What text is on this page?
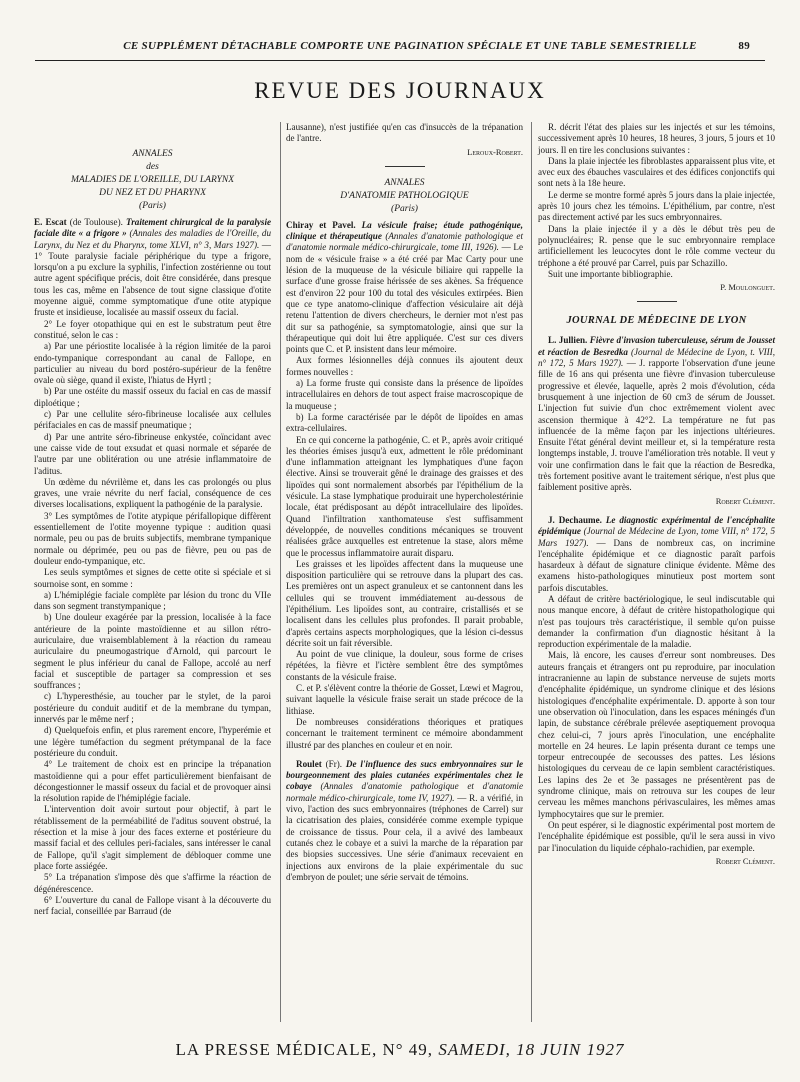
CE SUPPLÉMENT DÉTACHABLE COMPORTE UNE PAGINATION SPÉCIALE ET UNE TABLE SEMESTRIELLE	89
REVUE DES JOURNAUX
ANNALES
des
MALADIES DE L'OREILLE, DU LARYNX
DU NEZ ET DU PHARYNX
(Paris)

E. Escat (de Toulouse). Traitement chirurgical de la paralysie faciale dite « a frigore » (Annales des maladies de l'Oreille, du Larynx, du Nez et du Pharynx, tome XLVI, n° 3, Mars 1927). — 1° Toute paralysie faciale périphérique du type a frigore, lorsqu'on a pu exclure la syphilis, l'infection zostérienne ou tout autre agent spécifique précis, doit être considérée, dans presque tous les cas, même en l'absence de tout signe classique d'otite moyenne aiguë, comme symptomatique d'une otite atypique fruste et insidieuse, localisée au massif osseux du facial.

2° Le foyer otopathique qui en est le substratum peut être constitué, selon le cas :

a) Par une périostite localisée à la région limitée de la paroi endo-tympanique correspondant au canal de Fallope, en particulier au niveau du bord postéro-supérieur de la fenêtre ovale où siège, quand il existe, l'hiatus de Hyrtl ;

b) Par une ostéite du massif osseux du facial en cas de massif diploétique ;

c) Par une cellulite séro-fibrineuse localisée aux cellules périfaciales en cas de massif pneumatique ;

d) Par une antrite séro-fibrineuse enkystée, coïncidant avec une caisse vide de tout exsudat et quasi normale et séparée de l'autre par une oblitération ou une atrésie inflammatoire de l'aditus.

Un œdème du névrilème et, dans les cas prolongés ou plus graves, une vraie névrite du nerf facial, conséquence de ces diverses localisations, expliquent la pathogénie de la paralysie.

3° Les symptômes de l'otite atypique périfallopique diffèrent essentiellement de l'otite moyenne typique : audition quasi normale, peu ou pas de bruits subjectifs, membrane tympanique normale ou déprimée, peu ou pas de fièvre, peu ou pas de douleur endo-tympanique, etc.

Les seuls symptômes et signes de cette otite si spéciale et si sournoise sont, en somme :

a) L'hémiplégie faciale complète par lésion du tronc du VIIe dans son segment transtympanique ;

b) Une douleur exagérée par la pression, localisée à la face antérieure de la pointe mastoïdienne et au sillon rétro-auriculaire, due vraisemblablement à la réaction du rameau auriculaire du pneumogastrique d'Arnold, qui parcourt le segment le plus inférieur du canal de Fallope, accolé au nerf facial et susceptible de partager sa compression et ses souffrances ;

c) L'hyperesthésie, au toucher par le stylet, de la paroi postérieure du conduit auditif et de la membrane du tympan, innervés par le même nerf ;

d) Quelquefois enfin, et plus rarement encore, l'hyperémie et une légère tuméfaction du segment prétympanal de la face postérieure du conduit.

4° Le traitement de choix est en principe la trépanation mastoïdienne qui a pour effet particulièrement bienfaisant de décongestionner le massif osseux du facial et de provoquer ainsi la résolution rapide de l'hémiplégie faciale.

L'intervention doit avoir surtout pour objectif, à part le rétablissement de la perméabilité de l'aditus souvent obstrué, la résection et la mise à jour des faces externe et postérieure du massif facial et des cellules peri-faciales, sans intéresser le canal de Fallope, qu'il s'agit simplement de débloquer comme une place forte assiégée.

5° La trépanation s'impose dès que s'affirme la réaction de dégénérescence.

6° L'ouverture du canal de Fallope visant à la découverte du nerf facial, conseillée par Barraud (de

Lausanne), n'est justifiée qu'en cas d'insuccès de la trépanation de l'antre.

Leroux-Robert.
ANNALES
D'ANATOMIE PATHOLOGIQUE
(Paris)

Chiray et Pavel. La vésicule fraise; étude pathogénique, clinique et thérapeutique (Annales d'anatomie pathologique et d'anatomie normale médico-chirurgicale, tome III, 1926). — Le nom de « vésicule fraise » a été créé par Mac Carty pour une lésion de la muqueuse de la vésicule biliaire qui rappelle la surface d'une grosse fraise hérissée de ses akènes. Sa fréquence est d'environ 22 pour 100 du total des vésicules extirpées. Bien que ce type anatomo-clinique d'affection vésiculaire ait déjà retenu l'attention de divers chercheurs, le dernier mot n'est pas dit sur sa pathogénie, sa symptomatologie, ainsi que sur la thérapeutique qui doit lui être appliquée. C'est sur ces divers points que C. et P. insistent dans leur mémoire.

Aux formes lésionnelles déjà connues ils ajoutent deux formes nouvelles :

a) La forme fruste qui consiste dans la présence de lipoïdes intracellulaires en dehors de tout aspect fraise macroscopique de la muqueuse ;

b) La forme caractérisée par le dépôt de lipoïdes en amas extra-cellulaires.

En ce qui concerne la pathogénie, C. et P., après avoir critiqué les théories émises jusqu'à eux, admettent le rôle prédominant d'une inflammation atteignant les lymphatiques d'une façon élective. Ainsi se trouverait gêné le drainage des graisses et des lipoïdes qui sont normalement absorbés par l'épithélium de la vésicule. La stase lymphatique produirait une hypercholestérinie locale, état prédisposant au dépôt intracellulaire des lipoïdes. Quand l'infiltration xanthomateuse s'est suffisamment développée, de nouvelles conditions mécaniques se trouvent réalisées grâce auxquelles est entretenue la stase, alors même que le processus inflammatoire aurait disparu.

Les graisses et les lipoïdes affectent dans la muqueuse une disposition particulière qui se retrouve dans la plupart des cas. Les premières ont un aspect granuleux et se cantonnent dans les cellules qui se trouvent immédiatement au-dessous de l'épithélium. Les lipoïdes sont, au contraire, cristallisés et se localisent dans les cellules plus profondes. Il parait probable, d'après certains aspects morphologiques, que la lésion ci-dessus décrite soit un fait réversible.

Au point de vue clinique, la douleur, sous forme de crises répétées, la fièvre et l'ictère semblent être des symptômes constants de la vésicule fraise.

C. et P. s'élèvent contre la théorie de Gosset, Lœwi et Magrou, suivant laquelle la vésicule fraise serait un stade précoce de la lithiase.

De nombreuses considérations théoriques et pratiques concernant le traitement terminent ce mémoire abondamment illustré par des planches en couleur et en noir.

Roulet (Fr). De l'influence des sucs embryonnaires sur le bourgeonnement des plaies cutanées expérimentales chez le cobaye (Annales d'anatomie pathologique et d'anatomie normale médico-chirurgicale, tome IV, 1927). — R. a vérifié, in vivo, l'action des sucs embryonnaires (tréphones de Carrel) sur la cicatrisation des plaies, considérée comme exemple typique de croissance de tissus. Pour cela, il a avivé des lambeaux cutanés chez le cobaye et a suivi la marche de la réparation par des biopsies successives. Une série d'animaux recevaient en injections aux environs de la plaie expérimentale du suc d'embryon de poulet; une série servait de témoins.

R. décrit l'état des plaies sur les injectés et sur les témoins, successivement après 10 heures, 18 heures, 3 jours, 5 jours et 10 jours. Il en tire les conclusions suivantes :

Dans la plaie injectée les fibroblastes apparaissent plus vite, et avec eux des ébauches vasculaires et des édifices conjonctifs qui sont nets à la 18e heure.

Le derme se montre formé après 5 jours dans la plaie injectée, après 10 jours chez les témoins. L'épithélium, par contre, n'est pas directement activé par les sucs embryonnaires.

Dans la plaie injectée il y a dès le début très peu de polynucléaires; R. pense que le suc embryonnaire remplace artificiellement les leucocytes dont le rôle comme vecteur du tréphone a été prouvé par Carrel, puis par Schazillo.

Suit une importante bibliographie.

P. Moulonguet.
JOURNAL DE MÉDECINE DE LYON

L. Jullien. Fièvre d'invasion tuberculeuse, sérum de Jousset et réaction de Besredka (Journal de Médecine de Lyon, t. VIII, n° 172, 5 Mars 1927). — J. rapporte l'observation d'une jeune fille de 16 ans qui présenta une fièvre d'invasion tuberculeuse progressive et élevée, laquelle, après 2 mois d'évolution, céda brusquement à une injection de 60 cm3 de sérum de Jousset. L'injection fut suivie d'un choc extrêmement violent avec ascension thermique à 42°2. La température ne fut pas influencée de la même façon par les injections ultérieures. Ensuite l'état général devint meilleur et, si la température resta longtemps instable, J. trouve l'amélioration très notable. Il veut y voir une confirmation dans le fait que la réaction de Besredka, très fortement positive avant le traitement sérique, n'est plus que faiblement positive après.

Robert Clément.

J. Dechaume. Le diagnostic expérimental de l'encéphalite épidémique (Journal de Médecine de Lyon, tome VIII, n° 172, 5 Mars 1927). — Dans de nombreux cas, on incrimine l'encéphalite épidémique et ce diagnostic paraît parfois hasardeux à défaut de signature clinique évidente. Même des examens histo-pathologiques minutieux post mortem sont parfois discutables.

A défaut de critère bactériologique, le seul indiscutable qui nous manque encore, à défaut de critère histopathologique qui n'est pas toujours très caractéristique, il semble qu'on puisse demander la confirmation d'un diagnostic hésitant à la reproduction expérimentale de la maladie.

Mais, là encore, les causes d'erreur sont nombreuses. Des auteurs français et étrangers ont pu reproduire, par inoculation intracranienne au lapin de substance nerveuse de sujets morts d'encéphalite épidémique, un syndrome clinique et des lésions histologiques d'encéphalite expérimentale. D. apporte à son tour une observation où l'inoculation, dans les espaces méningés d'un lapin, de substance cérébrale prélevée aseptiquement provoqua chez celui-ci, 7 jours après l'inoculation, une encéphalite mortelle en 24 heures. Le lapin présenta durant ce temps une torpeur entrecoupée de secousses des pattes. Les lésions histologiques du cerveau de ce lapin semblent caractéristiques. Les lapins des 2e et 3e passages ne présentèrent pas de syndrome clinique, mais on retrouva sur les coupes de leur cerveau les mêmes manchons périvasculaires, les mêmes amas lymphocytaires que sur le premier.

On peut espérer, si le diagnostic expérimental post mortem de l'encéphalite épidémique est possible, qu'il le sera aussi in vivo par l'inoculation du liquide céphalo-rachidien, par exemple.

Robert Clément.
LA PRESSE MÉDICALE, N° 49, SAMEDI, 18 JUIN 1927
